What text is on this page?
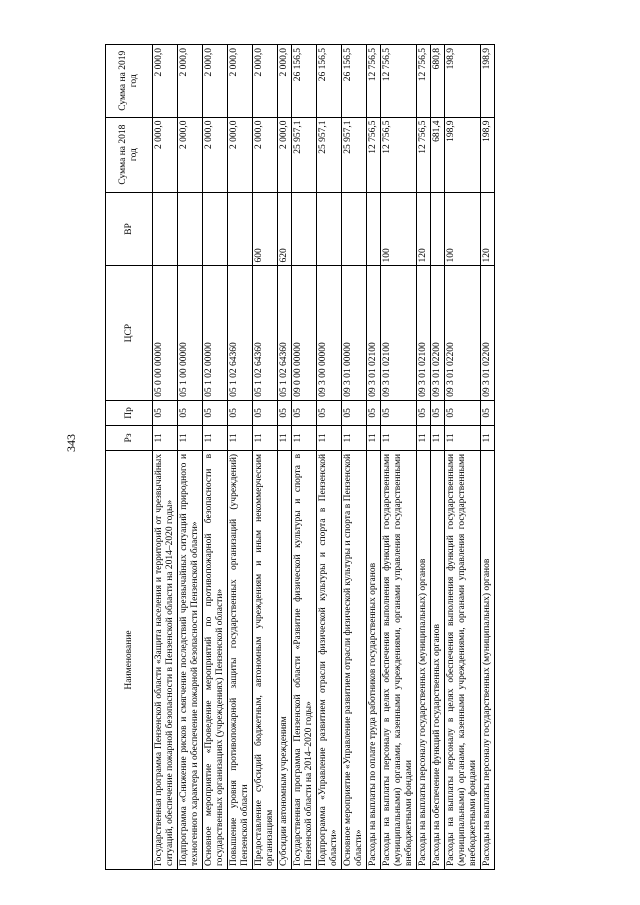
343
Наименование	Рз	Пр	ЦСР	ВР	Сумма на 2018 год	Сумма на 2019 год
Государственная программа Пензенской области «Защита населения и территорий от чрезвычайных ситуаций, обеспечение пожарной безопасности в Пензенской области на 2014–2020 годы»	11	05	05 0 00 00000		2 000,0	2 000,0
Подпрограмма «Снижение рисков и смягчение последствий чрезвычайных ситуаций природного и техногенного характера и обеспечение пожарной безопасности Пензенской области»	11	05	05 1 00 00000		2 000,0	2 000,0
Основное мероприятие «Проведение мероприятий по противопожарной безопасности в государственных организациях (учреждениях) Пензенской области»	11	05	05 1 02 00000		2 000,0	2 000,0
Повышение уровня противопожарной защиты государственных организаций (учреждений) Пензенской области	11	05	05 1 02 64360		2 000,0	2 000,0
Предоставление субсидий бюджетным, автономным учреждениям и иным некоммерческим организациям	11	05	05 1 02 64360	600	2 000,0	2 000,0
Субсидии автономным учреждениям	11	05	05 1 02 64360	620	2 000,0	2 000,0
Государственная программа Пензенской области «Развитие физической культуры и спорта в Пензенской области на 2014–2020 годы»	11	05	09 0 00 00000		25 957,1	26 156,5
Подпрограмма «Управление развитием отрасли физической культуры и спорта в Пензенской области»	11	05	09 3 00 00000		25 957,1	26 156,5
Основное мероприятие «Управление развитием отрасли физической культуры и спорта в Пензенской области»	11	05	09 3 01 00000		25 957,1	26 156,5
Расходы на выплаты по оплате труда работников государственных органов	11	05	09 3 01 02100		12 756,5	12 756,5
Расходы на выплаты персоналу в целях обеспечения выполнения функций государственными (муниципальными) органами, казенными учреждениями, органами управления государственными внебюджетными фондами	11	05	09 3 01 02100	100	12 756,5	12 756,5
Расходы на выплаты персоналу государственных (муниципальных) органов	11	05	09 3 01 02100	120	12 756,5	12 756,5
Расходы на обеспечение функций государственных органов	11	05	09 3 01 02200		681,4	680,8
Расходы на выплаты персоналу в целях обеспечения выполнения функций государственными (муниципальными) органами, казенными учреждениями, органами управления государственными внебюджетными фондами	11	05	09 3 01 02200	100	198,9	198,9
Расходы на выплаты персоналу государственных (муниципальных) органов	11	05	09 3 01 02200	120	198,9	198,9
